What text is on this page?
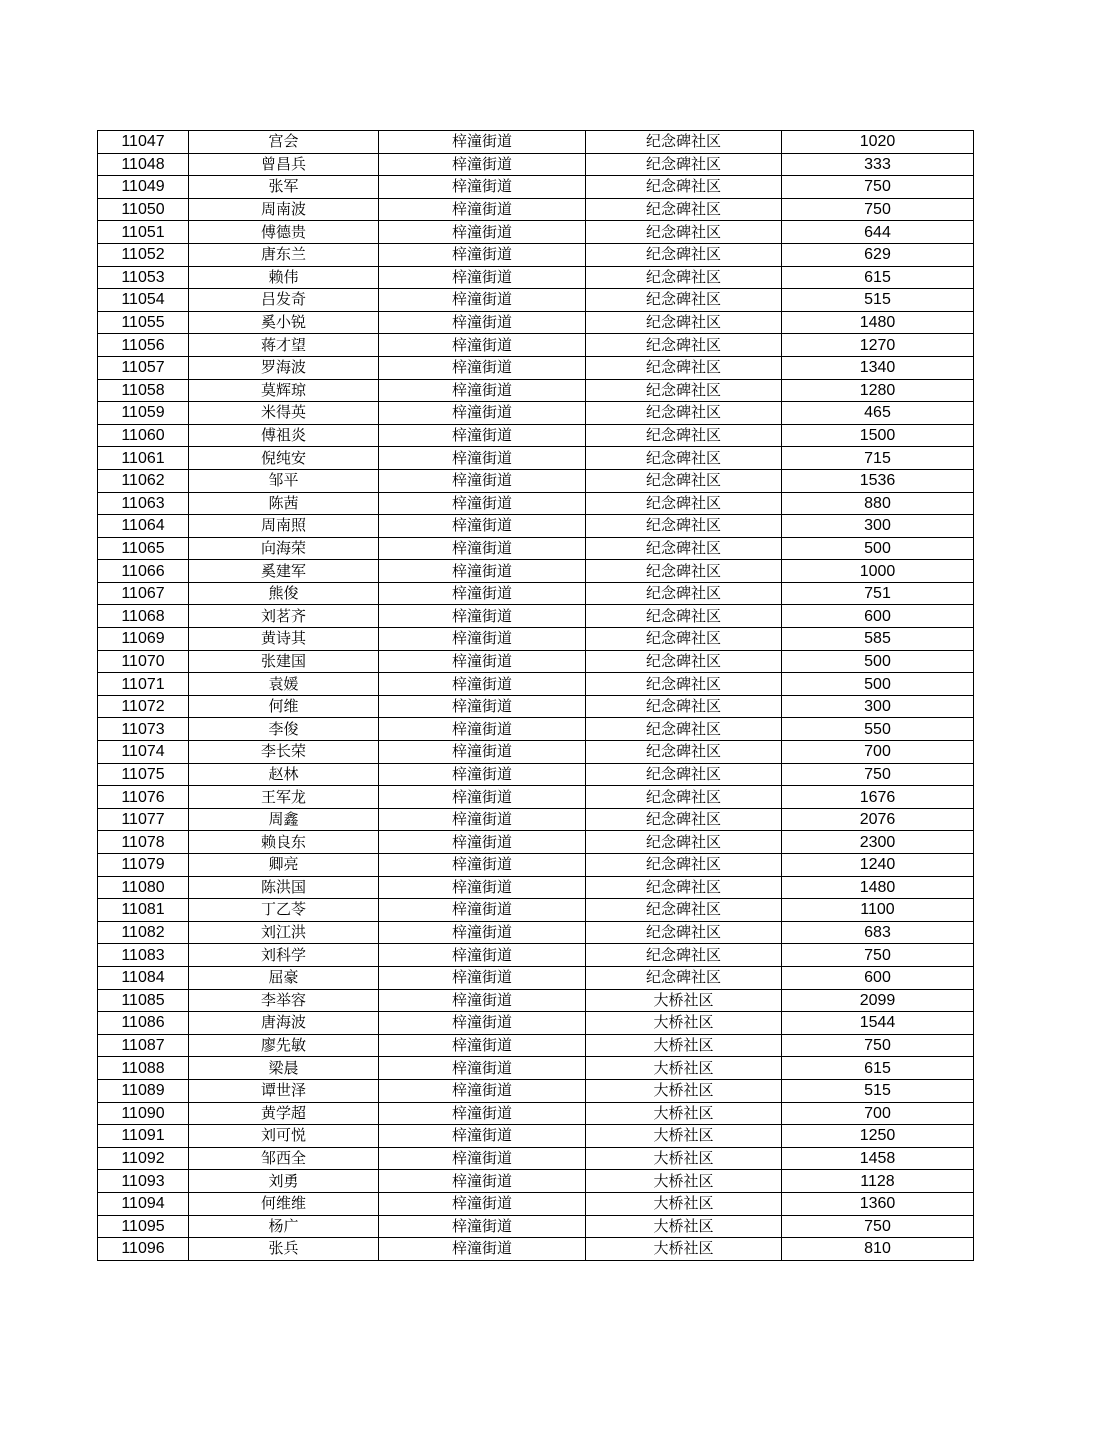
11047	宫会	梓潼街道	纪念碑社区	1020
11048	曾昌兵	梓潼街道	纪念碑社区	333
11049	张军	梓潼街道	纪念碑社区	750
11050	周南波	梓潼街道	纪念碑社区	750
11051	傅德贵	梓潼街道	纪念碑社区	644
11052	唐东兰	梓潼街道	纪念碑社区	629
11053	赖伟	梓潼街道	纪念碑社区	615
11054	吕发奇	梓潼街道	纪念碑社区	515
11055	奚小锐	梓潼街道	纪念碑社区	1480
11056	蒋才望	梓潼街道	纪念碑社区	1270
11057	罗海波	梓潼街道	纪念碑社区	1340
11058	莫辉琼	梓潼街道	纪念碑社区	1280
11059	米得英	梓潼街道	纪念碑社区	465
11060	傅祖炎	梓潼街道	纪念碑社区	1500
11061	倪纯安	梓潼街道	纪念碑社区	715
11062	邹平	梓潼街道	纪念碑社区	1536
11063	陈茜	梓潼街道	纪念碑社区	880
11064	周南照	梓潼街道	纪念碑社区	300
11065	向海荣	梓潼街道	纪念碑社区	500
11066	奚建军	梓潼街道	纪念碑社区	1000
11067	熊俊	梓潼街道	纪念碑社区	751
11068	刘茗齐	梓潼街道	纪念碑社区	600
11069	黄诗其	梓潼街道	纪念碑社区	585
11070	张建国	梓潼街道	纪念碑社区	500
11071	袁媛	梓潼街道	纪念碑社区	500
11072	何维	梓潼街道	纪念碑社区	300
11073	李俊	梓潼街道	纪念碑社区	550
11074	李长荣	梓潼街道	纪念碑社区	700
11075	赵林	梓潼街道	纪念碑社区	750
11076	王军龙	梓潼街道	纪念碑社区	1676
11077	周鑫	梓潼街道	纪念碑社区	2076
11078	赖良东	梓潼街道	纪念碑社区	2300
11079	卿亮	梓潼街道	纪念碑社区	1240
11080	陈洪国	梓潼街道	纪念碑社区	1480
11081	丁乙苓	梓潼街道	纪念碑社区	1100
11082	刘江洪	梓潼街道	纪念碑社区	683
11083	刘科学	梓潼街道	纪念碑社区	750
11084	屈豪	梓潼街道	纪念碑社区	600
11085	李举容	梓潼街道	大桥社区	2099
11086	唐海波	梓潼街道	大桥社区	1544
11087	廖先敏	梓潼街道	大桥社区	750
11088	梁晨	梓潼街道	大桥社区	615
11089	谭世泽	梓潼街道	大桥社区	515
11090	黄学超	梓潼街道	大桥社区	700
11091	刘可悦	梓潼街道	大桥社区	1250
11092	邹西全	梓潼街道	大桥社区	1458
11093	刘勇	梓潼街道	大桥社区	1128
11094	何维维	梓潼街道	大桥社区	1360
11095	杨广	梓潼街道	大桥社区	750
11096	张兵	梓潼街道	大桥社区	810
